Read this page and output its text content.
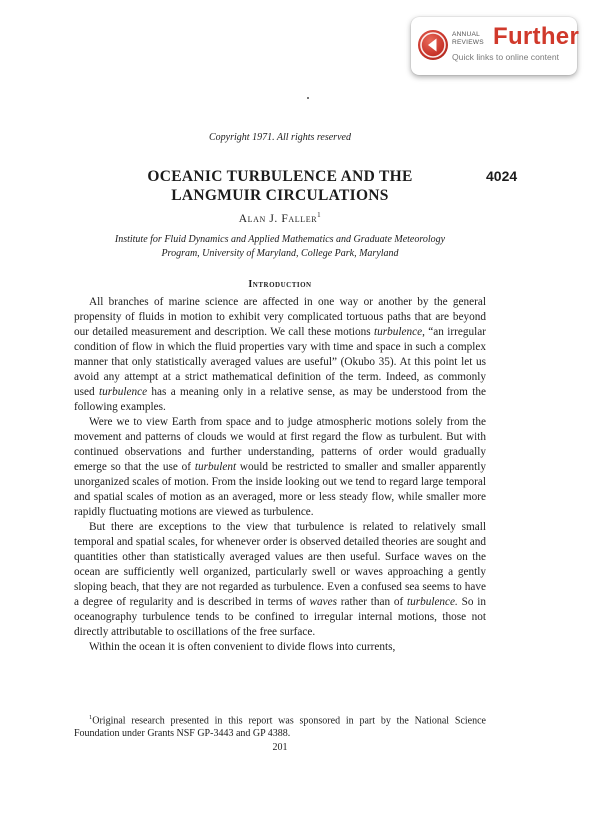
ANNUAL
REVIEWS Further
Quick links to online content
Copyright 1971. All rights reserved
OCEANIC TURBULENCE AND THE
LANGMUIR CIRCULATIONS
4024
Alan J. Faller$^1$
Institute for Fluid Dynamics and Applied Mathematics and Graduate Meteorology
Program, University of Maryland, College Park, Maryland
Introduction

All branches of marine science are affected in one way or another by the general propensity of fluids in motion to exhibit very complicated tortuous paths that are beyond our detailed measurement and description. We call these motions turbulence, “an irregular condition of flow in which the fluid properties vary with time and space in such a complex manner that only statistically averaged values are useful” (Okubo 35). At this point let us avoid any attempt at a strict mathematical definition of the term. Indeed, as commonly used turbulence has a meaning only in a relative sense, as may be understood from the following examples.

Were we to view Earth from space and to judge atmospheric motions solely from the movement and patterns of clouds we would at first regard the flow as turbulent. But with continued observations and further understanding, patterns of order would gradually emerge so that the use of turbulent would be restricted to smaller and smaller apparently unorganized scales of motion. From the inside looking out we tend to regard large temporal and spatial scales of motion as an averaged, more or less steady flow, while smaller more rapidly fluctuating motions are viewed as turbulence.

But there are exceptions to the view that turbulence is related to relatively small temporal and spatial scales, for whenever order is observed detailed theories are sought and quantities other than statistically averaged values are then useful. Surface waves on the ocean are sufficiently well organized, particularly swell or waves approaching a gently sloping beach, that they are not regarded as turbulence. Even a confused sea seems to have a degree of regularity and is described in terms of waves rather than of turbulence. So in oceanography turbulence tends to be confined to irregular internal motions, those not directly attributable to oscillations of the free surface.

Within the ocean it is often convenient to divide flows into currents,

$^1$Original research presented in this report was sponsored in part by the National Science Foundation under Grants NSF GP-3443 and GP 4388.
201
